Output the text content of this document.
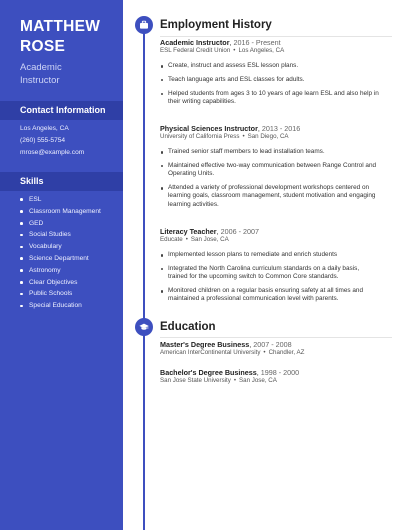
MATTHEW
ROSE
Academic
Instructor
Contact Information
Los Angeles, CA
(260) 555-5754
mrose@example.com
Skills
ESL
Classroom Management
GED
Social Studies
Vocabulary
Science Department
Astronomy
Clear Objectives
Public Schools
Special Education
Employment History
Academic Instructor, 2016 - Present
ESL Federal Credit Union • Los Angeles, CA
Create, instruct and assess ESL lesson plans.
Teach language arts and ESL classes for adults.
Helped students from ages 3 to 10 years of age learn ESL and also help in their writing capabilities.
Physical Sciences Instructor, 2013 - 2016
University of California Press • San Diego, CA
Trained senior staff members to lead installation teams.
Maintained effective two-way communication between Range Control and Operating Units.
Attended a variety of professional development workshops centered on learning goals, classroom management, student motivation and engaging learning activities.
Literacy Teacher, 2006 - 2007
Educate • San Jose, CA
Implemented lesson plans to remediate and enrich students
Integrated the North Carolina curriculum standards on a daily basis, trained for the upcoming switch to Common Core standards.
Monitored children on a regular basis ensuring safety at all times and maintained a professional communication level with parents.
Education
Master's Degree Business, 2007 - 2008
American InterContinental University • Chandler, AZ
Bachelor's Degree Business, 1998 - 2000
San Jose State University • San Jose, CA
